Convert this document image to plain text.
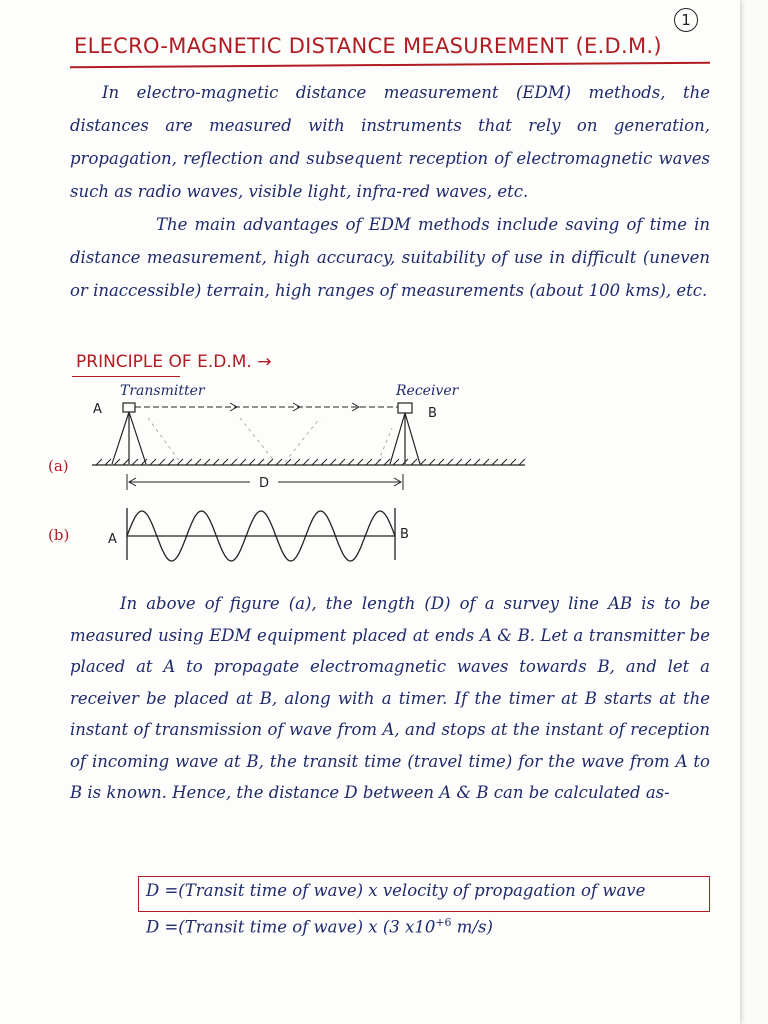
1
ELECRO-MAGNETIC DISTANCE MEASUREMENT (E.D.M.)

In electro-magnetic distance measurement (EDM) methods, the distances are measured with instruments that rely on generation, propagation, reflection and subsequent reception of electromagnetic waves such as radio waves, visible light, infra-red waves, etc.

The main advantages of EDM methods include saving of time in distance measurement, high accuracy, suitability of use in difficult (uneven or inaccessible) terrain, high ranges of measurements (about 100 kms), etc.

PRINCIPLE OF E.D.M. →
(a)
Transmitter	Receiver
A	B
D
(b)	A	B

In above of figure (a), the length (D) of a survey line AB is to be measured using EDM equipment placed at ends A & B. Let a transmitter be placed at A to propagate electromagnetic waves towards B, and let a receiver be placed at B, along with a timer. If the timer at B starts at the instant of transmission of wave from A, and stops at the instant of reception of incoming wave at B, the transit time (travel time) for the wave from A to B is known. Hence, the distance D between A & B can be calculated as-

D =(Transit time of wave) x velocity of propagation of wave
D =(Transit time of wave) x (3 $x10^{+6}$ m/s)
